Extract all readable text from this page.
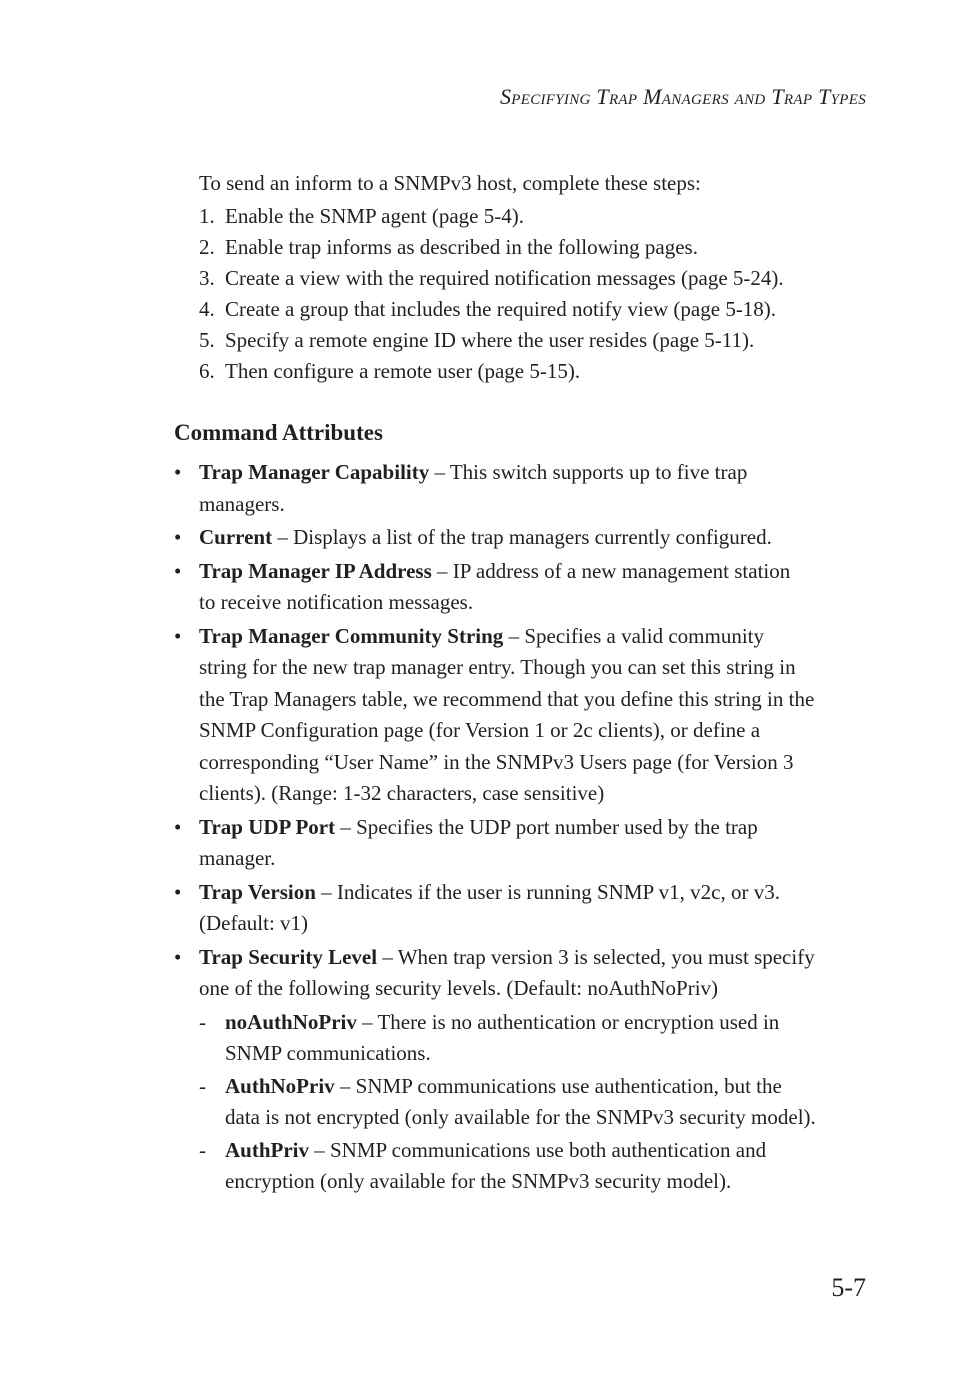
Specifying Trap Managers and Trap Types
To send an inform to a SNMPv3 host, complete these steps:
1. Enable the SNMP agent (page 5-4).
2. Enable trap informs as described in the following pages.
3. Create a view with the required notification messages (page 5-24).
4. Create a group that includes the required notify view (page 5-18).
5. Specify a remote engine ID where the user resides (page 5-11).
6. Then configure a remote user (page 5-15).
Command Attributes
• Trap Manager Capability – This switch supports up to five trap
managers.
• Current – Displays a list of the trap managers currently configured.
• Trap Manager IP Address – IP address of a new management station
to receive notification messages.
• Trap Manager Community String – Specifies a valid community
string for the new trap manager entry. Though you can set this string in
the Trap Managers table, we recommend that you define this string in the
SNMP Configuration page (for Version 1 or 2c clients), or define a
corresponding “User Name” in the SNMPv3 Users page (for Version 3
clients). (Range: 1-32 characters, case sensitive)
• Trap UDP Port – Specifies the UDP port number used by the trap
manager.
• Trap Version – Indicates if the user is running SNMP v1, v2c, or v3.
(Default: v1)
• Trap Security Level – When trap version 3 is selected, you must specify
one of the following security levels. (Default: noAuthNoPriv)
- noAuthNoPriv – There is no authentication or encryption used in
SNMP communications.
- AuthNoPriv – SNMP communications use authentication, but the
data is not encrypted (only available for the SNMPv3 security model).
- AuthPriv – SNMP communications use both authentication and
encryption (only available for the SNMPv3 security model).
5-7
